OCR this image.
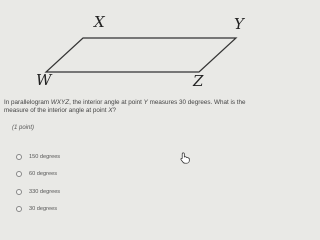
X	Y
W	Z

In parallelogram WXYZ, the interior angle at point Y measures 30 degrees. What is the measure of the interior angle at point X?

(1 point)
150 degrees
60 degrees
330 degrees
30 degrees
